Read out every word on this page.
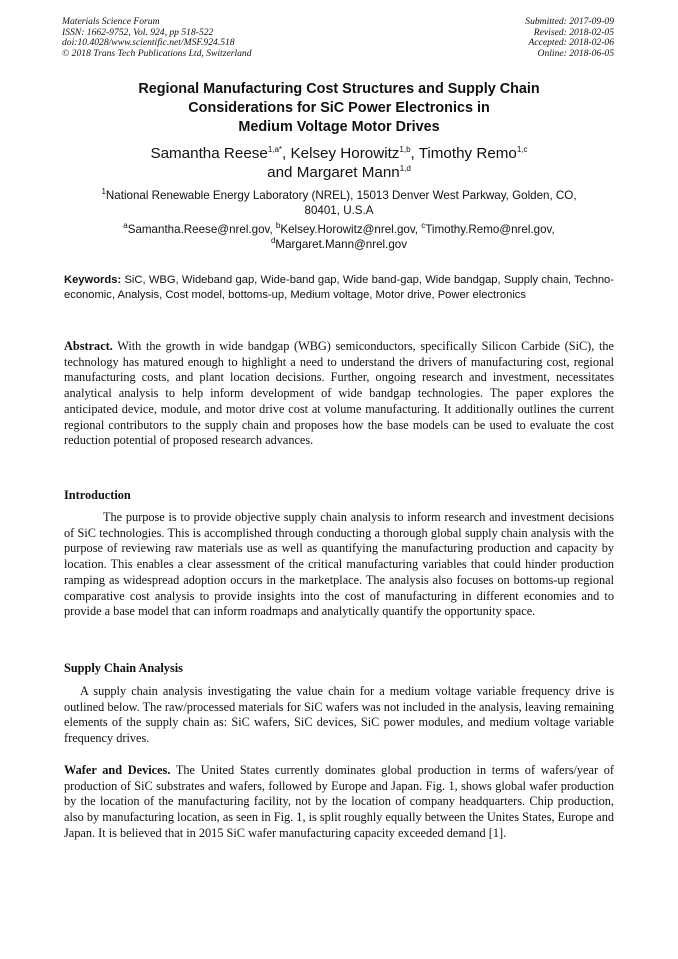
Materials Science Forum
ISSN: 1662-9752, Vol. 924, pp 518-522
doi:10.4028/www.scientific.net/MSF.924.518
© 2018 Trans Tech Publications Ltd, Switzerland
Submitted: 2017-09-09
Revised: 2018-02-05
Accepted: 2018-02-06
Online: 2018-06-05
Regional Manufacturing Cost Structures and Supply Chain
Considerations for SiC Power Electronics in
Medium Voltage Motor Drives
Samantha Reese$^{1,a*}$, Kelsey Horowitz$^{1,b}$, Timothy Remo$^{1,c}$
and Margaret Mann$^{1,d}$
$^1$National Renewable Energy Laboratory (NREL), 15013 Denver West Parkway, Golden, CO,
80401, U.S.A
$^a$Samantha.Reese@nrel.gov, $^b$Kelsey.Horowitz@nrel.gov, $^c$Timothy.Remo@nrel.gov,
$^d$Margaret.Mann@nrel.gov
Keywords: SiC, WBG, Wideband gap, Wide-band gap, Wide band-gap, Wide bandgap, Supply chain, Techno-economic, Analysis, Cost model, bottoms-up, Medium voltage, Motor drive, Power electronics
Abstract. With the growth in wide bandgap (WBG) semiconductors, specifically Silicon Carbide (SiC), the technology has matured enough to highlight a need to understand the drivers of manufacturing cost, regional manufacturing costs, and plant location decisions. Further, ongoing research and investment, necessitates analytical analysis to help inform development of wide bandgap technologies. The paper explores the anticipated device, module, and motor drive cost at volume manufacturing. It additionally outlines the current regional contributors to the supply chain and proposes how the base models can be used to evaluate the cost reduction potential of proposed research advances.
Introduction
The purpose is to provide objective supply chain analysis to inform research and investment decisions of SiC technologies. This is accomplished through conducting a thorough global supply chain analysis with the purpose of reviewing raw materials use as well as quantifying the manufacturing production and capacity by location. This enables a clear assessment of the critical manufacturing variables that could hinder production ramping as widespread adoption occurs in the marketplace. The analysis also focuses on bottoms-up regional comparative cost analysis to provide insights into the cost of manufacturing in different economies and to provide a base model that can inform roadmaps and analytically quantify the opportunity space.
Supply Chain Analysis
A supply chain analysis investigating the value chain for a medium voltage variable frequency drive is outlined below. The raw/processed materials for SiC wafers was not included in the analysis, leaving remaining elements of the supply chain as: SiC wafers, SiC devices, SiC power modules, and medium voltage variable frequency drives.
Wafer and Devices. The United States currently dominates global production in terms of wafers/year of production of SiC substrates and wafers, followed by Europe and Japan. Fig. 1, shows global wafer production by the location of the manufacturing facility, not by the location of company headquarters. Chip production, also by manufacturing location, as seen in Fig. 1, is split roughly equally between the Unites States, Europe and Japan. It is believed that in 2015 SiC wafer manufacturing capacity exceeded demand [1].
